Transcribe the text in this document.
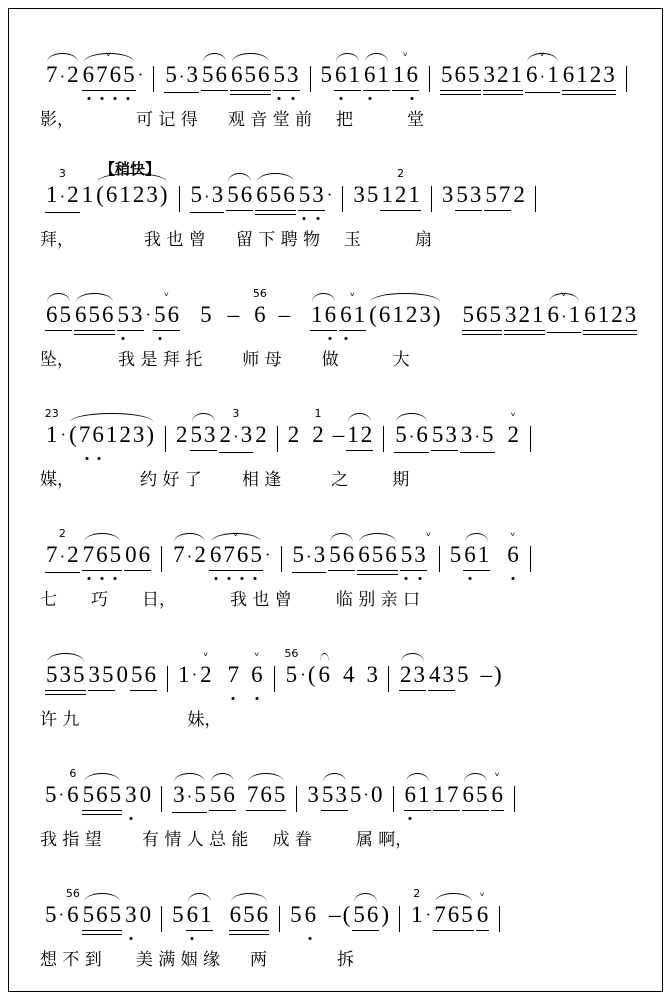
7 ·2
ᵛ
6765 · 5 ·3 56 656 53 5 61 61
ᵛ
16 565 321
ᵛ
6 ·1 6123
影，	可 记 得 观 音 堂 前 把	堂
【稍快】
3
1 ·2 1 (6123) 5 ·3 56 656 53 · 3 5
2
121 3 53 57 2
拜，	我 也 曾 留 下 聘 物 玉	扇
65 656 53 ·
ᵛ
56 5 –
56
6 – 16
ᵛ
61 (6123) 565 321
ᵛ
6 ·1 6123
坠，	我 是 拜 托 师 母 做	大
23
1 · (76123) 2 53
3
2 ·3 2 2
1
2 – 12 5 ·6 53 3 ·5
ᵛ
2
媒，	约 好 了 相 逢	之	期
2
7 ·2 765 06 7 ·2
ᵛ
6765 · 5 ·3 56 656 53
ᵛ
5 61
ᵛ
6
七 巧 日，	我 也 曾	临 别 亲 口
535 35 0 56 1 ·
ᵛ
2 7
ᵛ
6
56
5 · ( 6 4 3 23 43 5 – )
许 九	妹，
5 ·
6
6 565 3 0 3 ·5 56 765 3 53 5 · 0 61 17 65
ᵛ
6
我 指 望 有 情 人 总 能 成 眷	属 啊，
5 ·
56
6 565 3 0 5 61 656 5 6 – ( 56 )
2
1 · 765
ᵛ
6
想 不 到 美 满 姻 缘 两	拆
